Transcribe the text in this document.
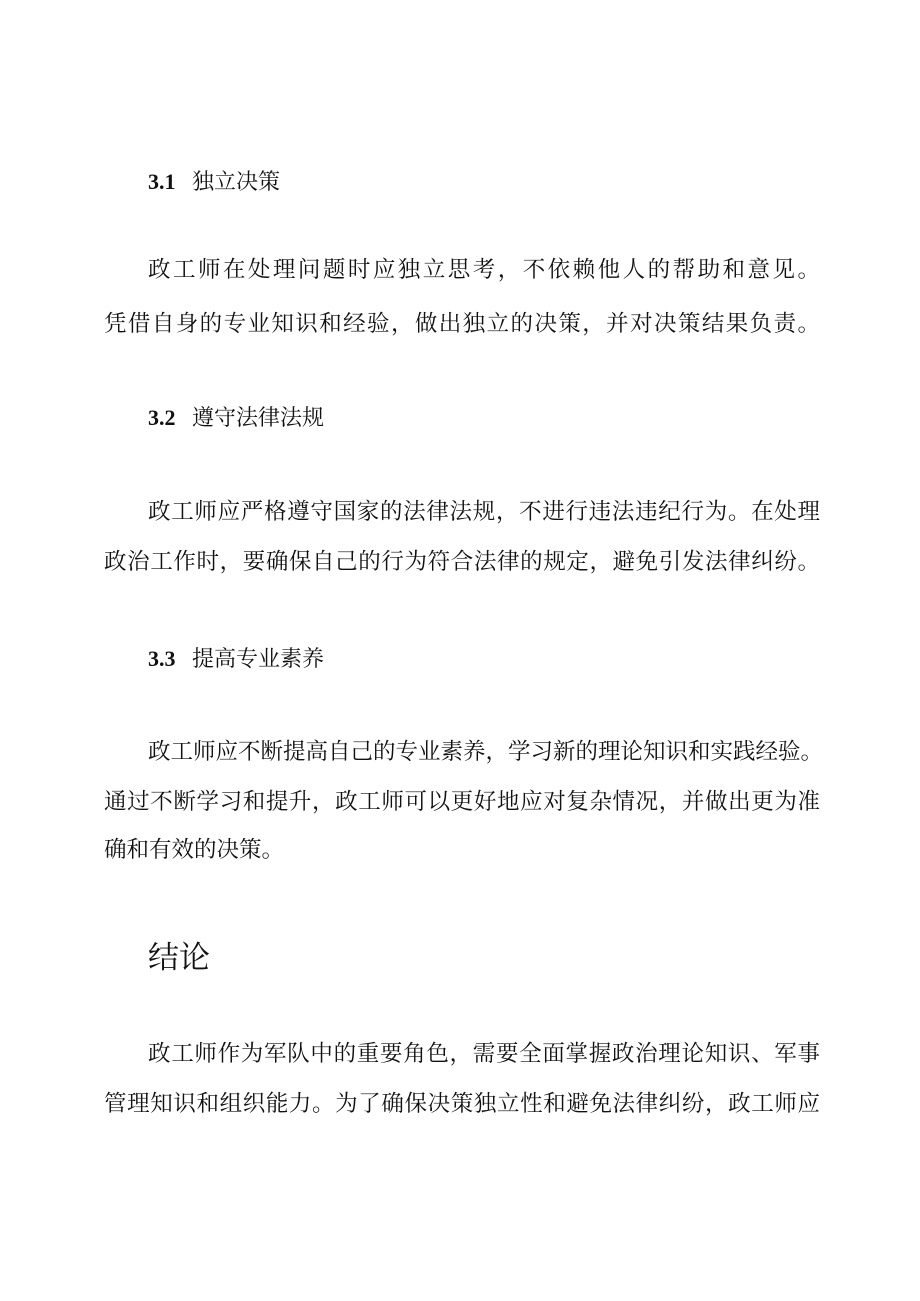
3.1 独立决策
政工师在处理问题时应独立思考，不依赖他人的帮助和意见。
凭借自身的专业知识和经验，做出独立的决策，并对决策结果负责。
3.2 遵守法律法规
政工师应严格遵守国家的法律法规，不进行违法违纪行为。在处理
政治工作时，要确保自己的行为符合法律的规定，避免引发法律纠纷。
3.3 提高专业素养
政工师应不断提高自己的专业素养，学习新的理论知识和实践经验。
通过不断学习和提升，政工师可以更好地应对复杂情况，并做出更为准
确和有效的决策。
结论
政工师作为军队中的重要角色，需要全面掌握政治理论知识、军事
管理知识和组织能力。为了确保决策独立性和避免法律纠纷，政工师应
